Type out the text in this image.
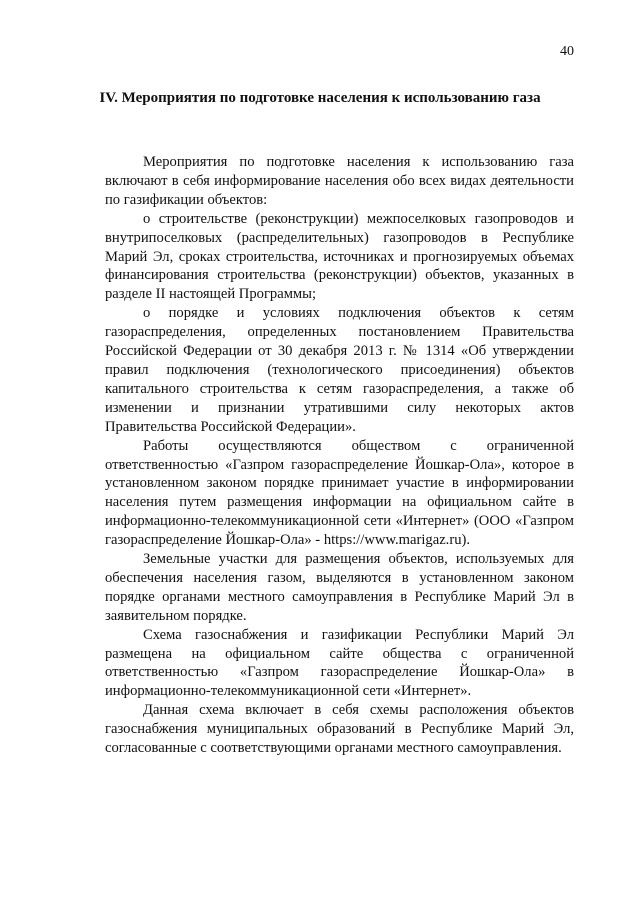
40
IV. Мероприятия по подготовке населения к использованию газа

Мероприятия по подготовке населения к использованию газа включают в себя информирование населения обо всех видах деятельности по газификации объектов:

о строительстве (реконструкции) межпоселковых газопроводов и внутрипоселковых (распределительных) газопроводов в Республике Марий Эл, сроках строительства, источниках и прогнозируемых объемах финансирования строительства (реконструкции) объектов, указанных в разделе II настоящей Программы;

о порядке и условиях подключения объектов к сетям газораспределения, определенных постановлением Правительства Российской Федерации от 30 декабря 2013 г. № 1314 «Об утверждении правил подключения (технологического присоединения) объектов капитального строительства к сетям газораспределения, а также об изменении и признании утратившими силу некоторых актов Правительства Российской Федерации».

Работы осуществляются обществом с ограниченной ответственностью «Газпром газораспределение Йошкар-Ола», которое в установленном законом порядке принимает участие в информировании населения путем размещения информации на официальном сайте в информационно-телекоммуникационной сети «Интернет» (ООО «Газпром газораспределение Йошкар-Ола» - https://www.marigaz.ru).

Земельные участки для размещения объектов, используемых для обеспечения населения газом, выделяются в установленном законом порядке органами местного самоуправления в Республике Марий Эл в заявительном порядке.

Схема газоснабжения и газификации Республики Марий Эл размещена на официальном сайте общества с ограниченной ответственностью «Газпром газораспределение Йошкар-Ола» в информационно-телекоммуникационной сети «Интернет».

Данная схема включает в себя схемы расположения объектов газоснабжения муниципальных образований в Республике Марий Эл, согласованные с соответствующими органами местного самоуправления.
